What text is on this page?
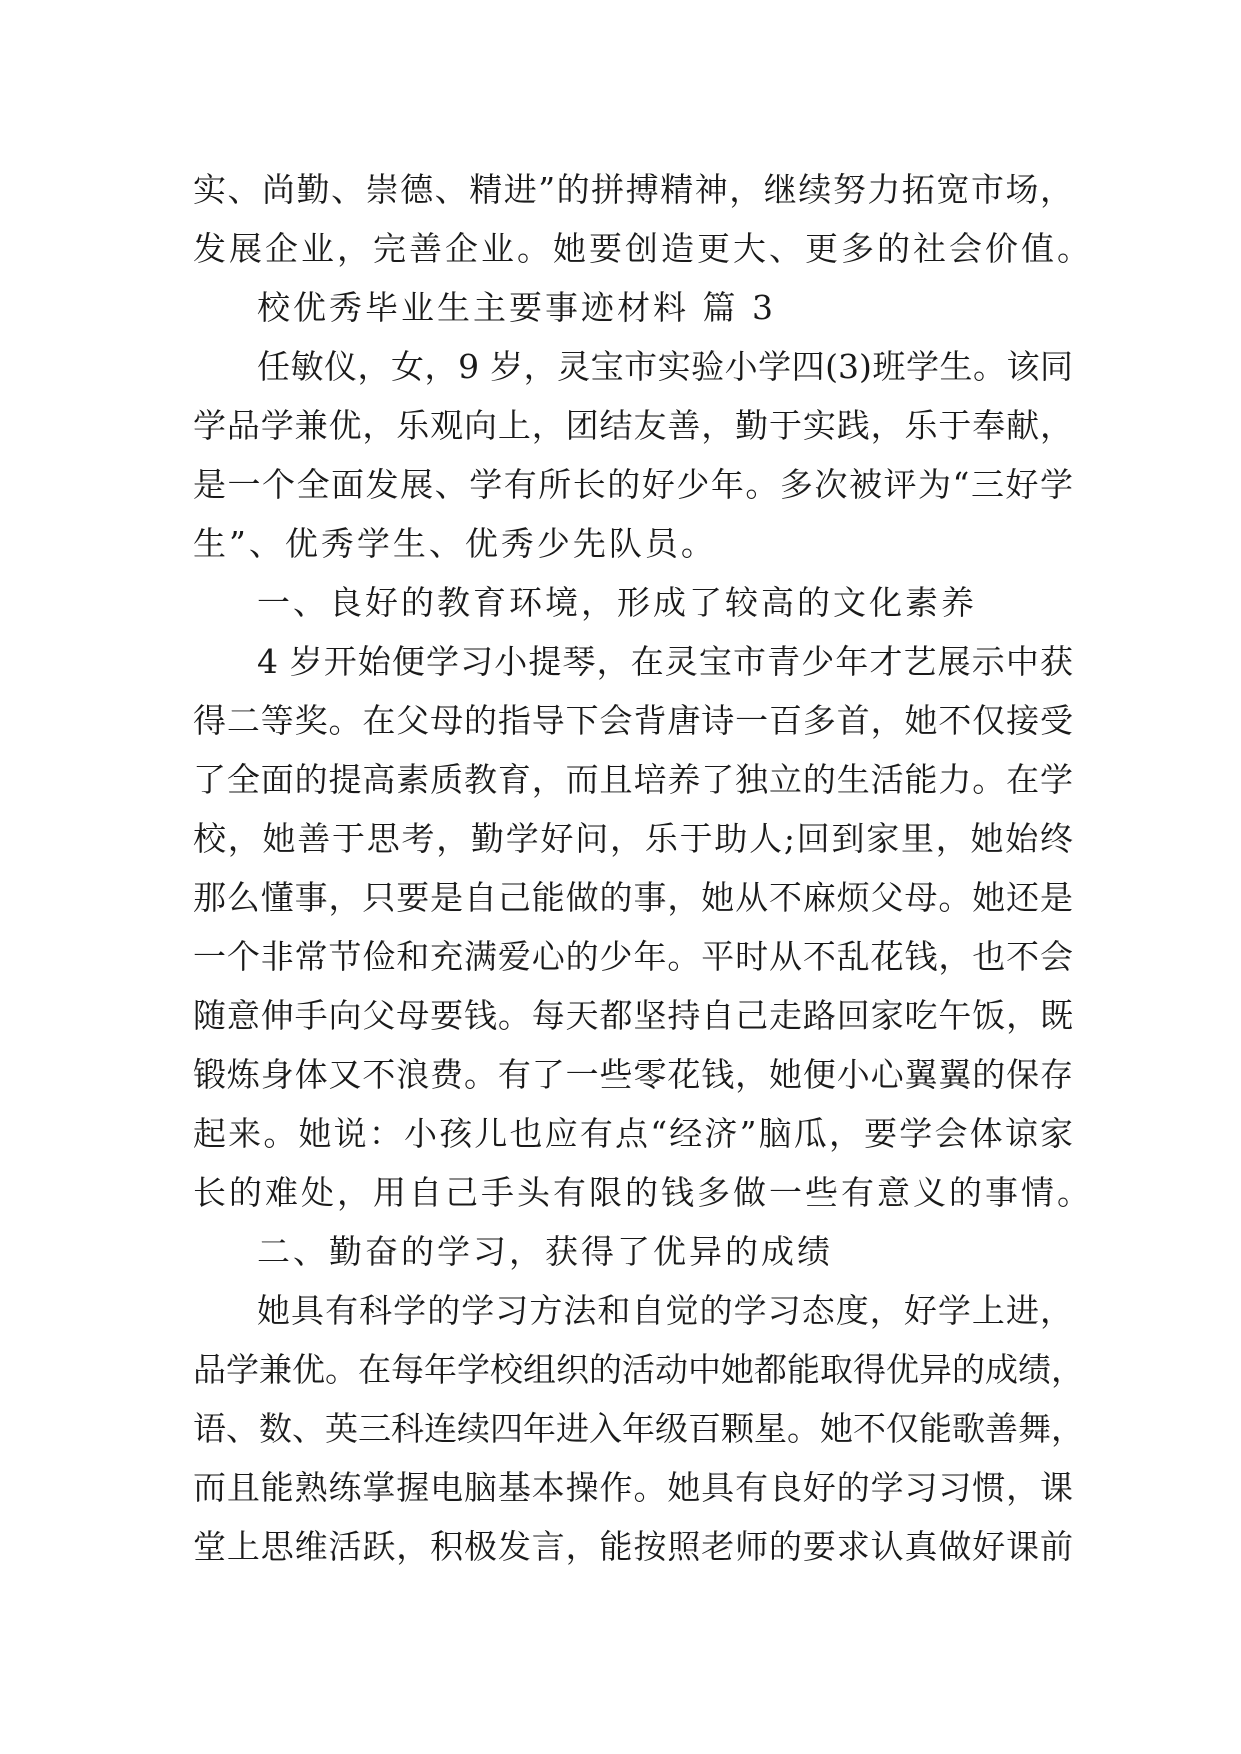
实、尚勤、崇德、精进”的拼搏精神，继续努力拓宽市场，
发展企业，完善企业。她要创造更大、更多的社会价值。
校优秀毕业生主要事迹材料 篇 3
任敏仪，女，9 岁，灵宝市实验小学四(3)班学生。该同
学品学兼优，乐观向上，团结友善，勤于实践，乐于奉献，
是一个全面发展、学有所长的好少年。多次被评为“三好学
生”、优秀学生、优秀少先队员。
一、良好的教育环境，形成了较高的文化素养
4 岁开始便学习小提琴，在灵宝市青少年才艺展示中获
得二等奖。在父母的指导下会背唐诗一百多首，她不仅接受
了全面的提高素质教育，而且培养了独立的生活能力。在学
校，她善于思考，勤学好问，乐于助人;回到家里，她始终
那么懂事，只要是自己能做的事，她从不麻烦父母。她还是
一个非常节俭和充满爱心的少年。平时从不乱花钱，也不会
随意伸手向父母要钱。每天都坚持自己走路回家吃午饭，既
锻炼身体又不浪费。有了一些零花钱，她便小心翼翼的保存
起来。她说：小孩儿也应有点“经济”脑瓜，要学会体谅家
长的难处，用自己手头有限的钱多做一些有意义的事情。
二、勤奋的学习，获得了优异的成绩
她具有科学的学习方法和自觉的学习态度，好学上进，
品学兼优。在每年学校组织的活动中她都能取得优异的成绩，
语、数、英三科连续四年进入年级百颗星。她不仅能歌善舞，
而且能熟练掌握电脑基本操作。她具有良好的学习习惯，课
堂上思维活跃，积极发言，能按照老师的要求认真做好课前
